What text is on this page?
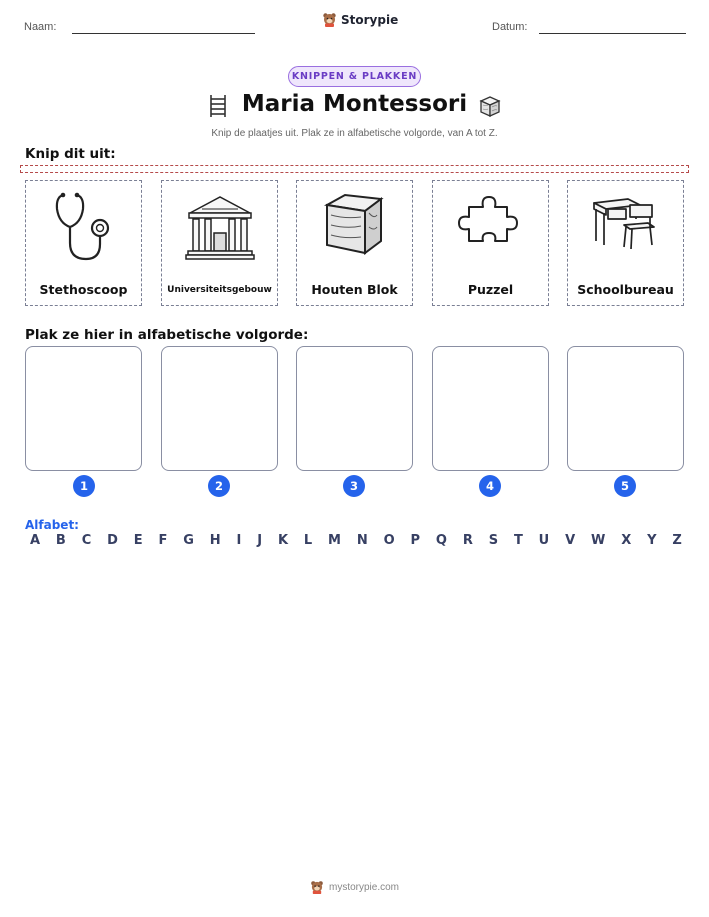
Naam:
Storypie
Datum:
KNIPPEN & PLAKKEN
Maria Montessori
Knip de plaatjes uit. Plak ze in alfabetische volgorde, van A tot Z.
Knip dit uit:
Stethoscoop	Universiteitsgebouw	Houten Blok	Puzzel	Schoolbureau
Plak ze hier in alfabetische volgorde:
1	2	3	4	5
Alfabet:
A B C D E F G H I J K L M N O P Q R S T U V W X Y Z
mystorypie.com
